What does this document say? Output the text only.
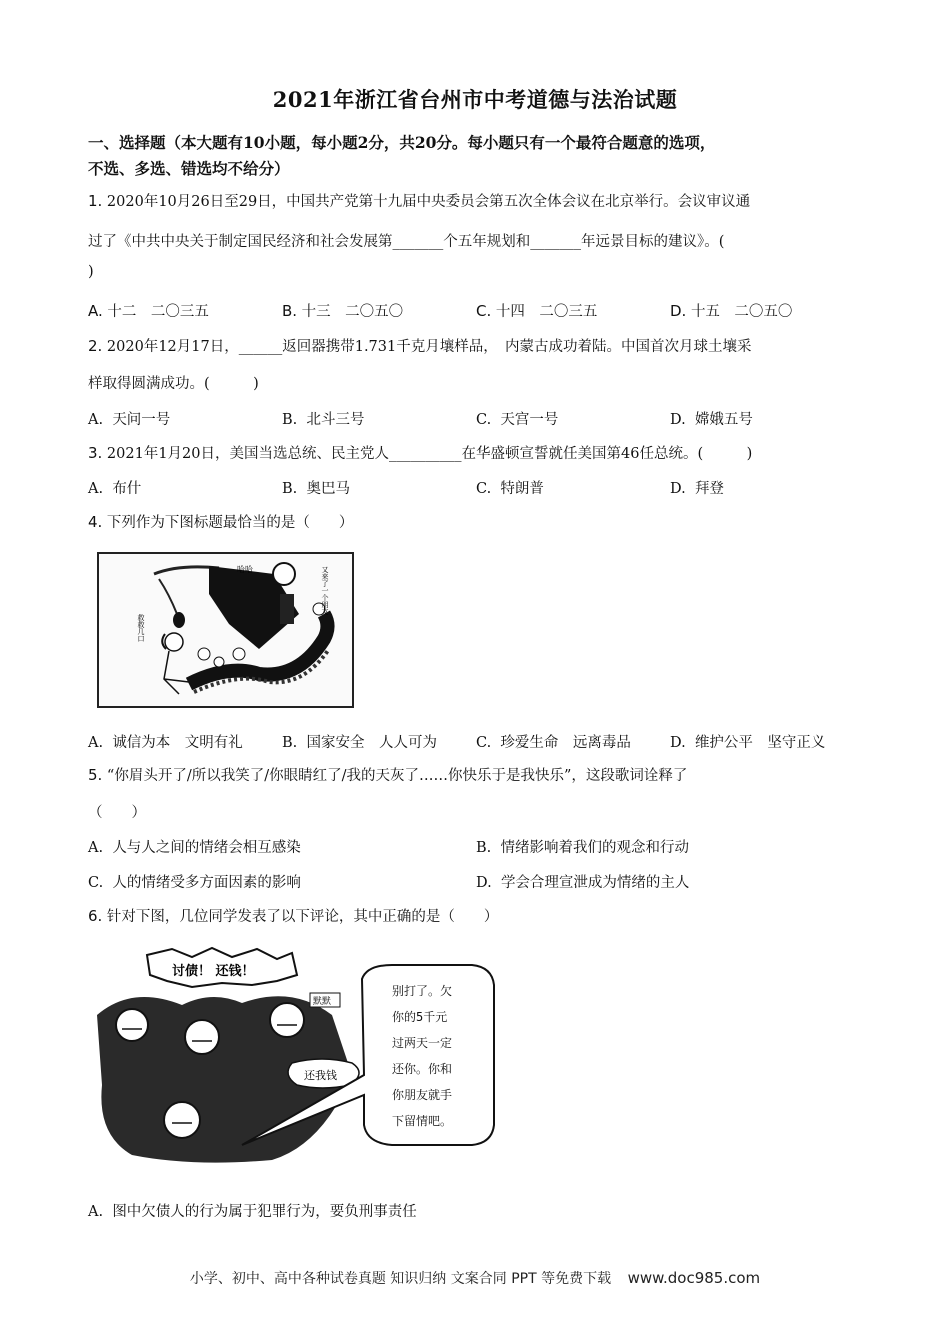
2021年浙江省台州市中考道德与法治试题
一、选择题（本大题有10小题，每小题2分，共20分。每小题只有一个最符合题意的选项，
不选、多选、错选均不给分）
1. 2020年10月26日至29日，中国共产党第十九届中央委员会第五次全体会议在北京举行。会议审议通
过了《中共中央关于制定国民经济和社会发展第_______个五年规划和_______年远景目标的建议》。(
)
A. 十二　二〇三五	B. 十三　二〇五〇	C. 十四　二〇三五	D. 十五　二〇五〇
2. 2020年12月17日，______返回器携带1.731千克月壤样品，　内蒙古成功着陆。中国首次月球土壤采
样取得圆满成功。(　　　)
A. 天问一号	B. 北斗三号	C. 天宫一号	D. 嫦娥五号
3. 2021年1月20日，美国当选总统、民主党人__________在华盛顿宣誓就任美国第46任总统。(　　　)
A. 布什	B. 奥巴马	C. 特朗普	D. 拜登
4. 下列作为下图标题最恰当的是（　　）
哈哈	又来了一个朋友
救救几口
A. 诚信为本　文明有礼	B. 国家安全　人人可为	C. 珍爱生命　远离毒品	D. 维护公平　坚守正义
5. “你眉头开了/所以我笑了/你眼睛红了/我的天灰了……你快乐于是我快乐”，这段歌词诠释了
（　　）
A. 人与人之间的情绪会相互感染	B. 情绪影响着我们的观念和行动
C. 人的情绪受多方面因素的影响	D. 学会合理宣泄成为情绪的主人
6. 针对下图，几位同学发表了以下评论，其中正确的是（　　）
讨债！ 还钱！
还我钱
默默
别打了。欠
你的5千元
过两天一定
还你。你和
你朋友就手
下留情吧。
A. 图中欠债人的行为属于犯罪行为，要负刑事责任
小学、初中、高中各种试卷真题 知识归纳 文案合同 PPT 等免费下载 www.doc985.com
